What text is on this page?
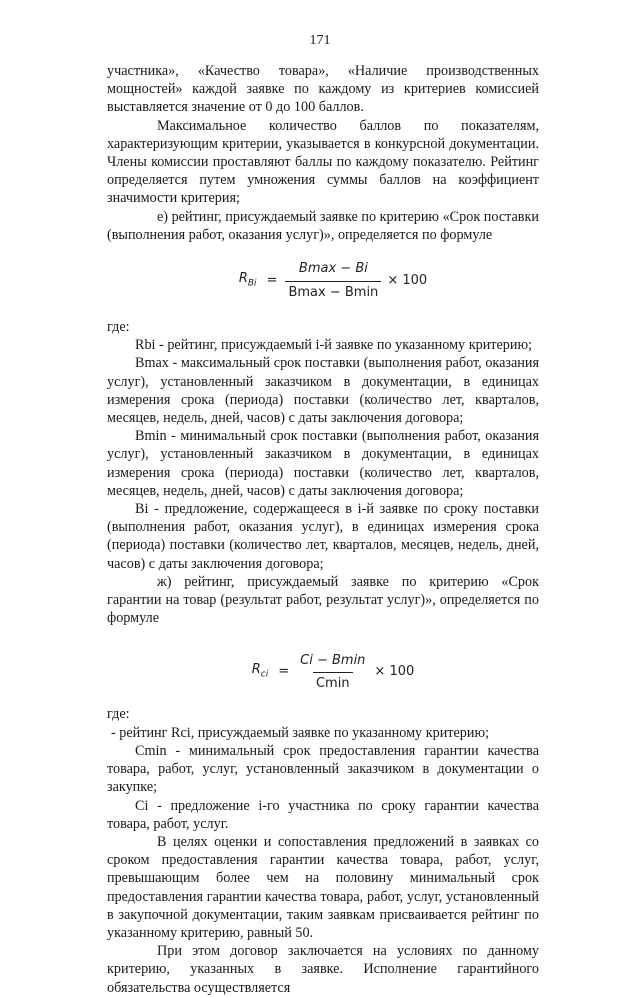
171

участника», «Качество товара», «Наличие производственных мощностей» каждой заявке по каждому из критериев комиссией выставляется значение от 0 до 100 баллов.

Максимальное количество баллов по показателям, характеризующим критерии, указывается в конкурсной документации. Члены комиссии проставляют баллы по каждому показателю. Рейтинг определяется путем умножения суммы баллов на коэффициент значимости критерия;

е) рейтинг, присуждаемый заявке по критерию «Срок поставки (выполнения работ, оказания услуг)», определяется по формуле

$R_{Bi} = \frac{Bmax - Bi}{Bmax - Bmin} \times 100$

где:

Rbi - рейтинг, присуждаемый i-й заявке по указанному критерию;

Bmax - максимальный срок поставки (выполнения работ, оказания услуг), установленный заказчиком в документации, в единицах измерения срока (периода) поставки (количество лет, кварталов, месяцев, недель, дней, часов) с даты заключения договора;

Bmin - минимальный срок поставки (выполнения работ, оказания услуг), установленный заказчиком в документации, в единицах измерения срока (периода) поставки (количество лет, кварталов, месяцев, недель, дней, часов) с даты заключения договора;

Bi - предложение, содержащееся в i-й заявке по сроку поставки (выполнения работ, оказания услуг), в единицах измерения срока (периода) поставки (количество лет, кварталов, месяцев, недель, дней, часов) с даты заключения договора;

ж) рейтинг, присуждаемый заявке по критерию «Срок гарантии на товар (результат работ, результат услуг)», определяется по формуле

$R_{ci} = \frac{Ci - Bmin}{Cmin} \times 100$

где:

- рейтинг Rci, присуждаемый заявке по указанному критерию;

Cmin - минимальный срок предоставления гарантии качества товара, работ, услуг, установленный заказчиком в документации о закупке;

Ci - предложение i-го участника по сроку гарантии качества товара, работ, услуг.

В целях оценки и сопоставления предложений в заявках со сроком предоставления гарантии качества товара, работ, услуг, превышающим более чем на половину минимальный срок предоставления гарантии качества товара, работ, услуг, установленный в закупочной документации, таким заявкам присваивается рейтинг по указанному критерию, равный 50.

При этом договор заключается на условиях по данному критерию, указанных в заявке. Исполнение гарантийного обязательства осуществляется
